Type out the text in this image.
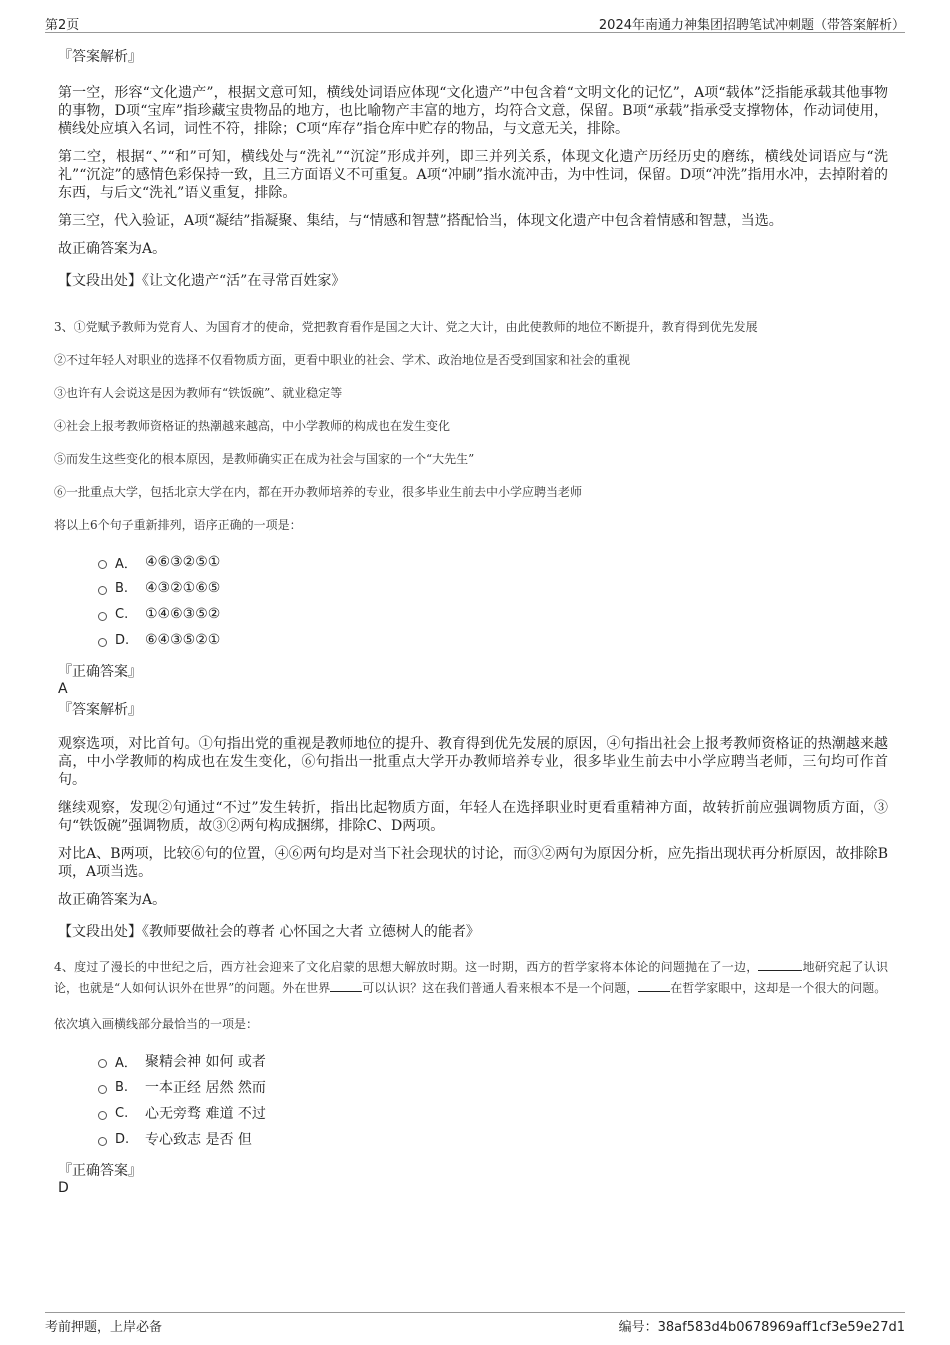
第2页	2024年南通力神集团招聘笔试冲刺题（带答案解析）
『答案解析』

第一空，形容“文化遗产”，根据文意可知，横线处词语应体现“文化遗产”中包含着“文明文化的记忆”，A项“载体”泛指能承载其他事物的事物，D项“宝库”指珍藏宝贵物品的地方，也比喻物产丰富的地方，均符合文意，保留。B项“承载”指承受支撑物体，作动词使用，横线处应填入名词，词性不符，排除；C项“库存”指仓库中贮存的物品，与文意无关，排除。

第二空，根据“、”“和”可知，横线处与“洗礼”“沉淀”形成并列，即三并列关系，体现文化遗产历经历史的磨练，横线处词语应与“洗礼”“沉淀”的感情色彩保持一致，且三方面语义不可重复。A项“冲刷”指水流冲击，为中性词，保留。D项“冲洗”指用水冲，去掉附着的东西，与后文“洗礼”语义重复，排除。

第三空，代入验证，A项“凝结”指凝聚、集结，与“情感和智慧”搭配恰当，体现文化遗产中包含着情感和智慧，当选。

故正确答案为A。

【文段出处】《让文化遗产“活”在寻常百姓家》

3、①党赋予教师为党育人、为国育才的使命，党把教育看作是国之大计、党之大计，由此使教师的地位不断提升，教育得到优先发展

②不过年轻人对职业的选择不仅看物质方面，更看中职业的社会、学术、政治地位是否受到国家和社会的重视

③也许有人会说这是因为教师有“铁饭碗”、就业稳定等

④社会上报考教师资格证的热潮越来越高，中小学教师的构成也在发生变化

⑤而发生这些变化的根本原因，是教师确实正在成为社会与国家的一个“大先生”

⑥一批重点大学，包括北京大学在内，都在开办教师培养的专业，很多毕业生前去中小学应聘当老师

将以上6个句子重新排列，语序正确的一项是：

A． ④⑥③②⑤①
B.	④③②①⑥⑤
C.	①④⑥③⑤②
D.	⑥④③⑤②①
『正确答案』
A
『答案解析』

观察选项，对比首句。①句指出党的重视是教师地位的提升、教育得到优先发展的原因，④句指出社会上报考教师资格证的热潮越来越高，中小学教师的构成也在发生变化，⑥句指出一批重点大学开办教师培养专业，很多毕业生前去中小学应聘当老师，三句均可作首句。

继续观察，发现②句通过“不过”发生转折，指出比起物质方面，年轻人在选择职业时更看重精神方面，故转折前应强调物质方面，③句“铁饭碗”强调物质，故③②两句构成捆绑，排除C、D两项。

对比A、B两项，比较⑥句的位置，④⑥两句均是对当下社会现状的讨论，而③②两句为原因分析，应先指出现状再分析原因，故排除B项，A项当选。

故正确答案为A。

【文段出处】《教师要做社会的尊者 心怀国之大者 立德树人的能者》

4、度过了漫长的中世纪之后，西方社会迎来了文化启蒙的思想大解放时期。这一时期，西方的哲学家将本体论的问题抛在了一边，	地研究起了认识论，也就是“人如何认识外在世界”的问题。外在世界	可以认识？这在我们普通人看来根本不是一个问题，	在哲学家眼中，这却是一个很大的问题。

依次填入画横线部分最恰当的一项是：

A． 聚精会神 如何 或者
B.	一本正经 居然 然而
C.	心无旁骛 难道 不过
D.	专心致志 是否 但
『正确答案』
D
考前押题，上岸必备	编号：38af583d4b0678969aff1cf3e59e27d1
